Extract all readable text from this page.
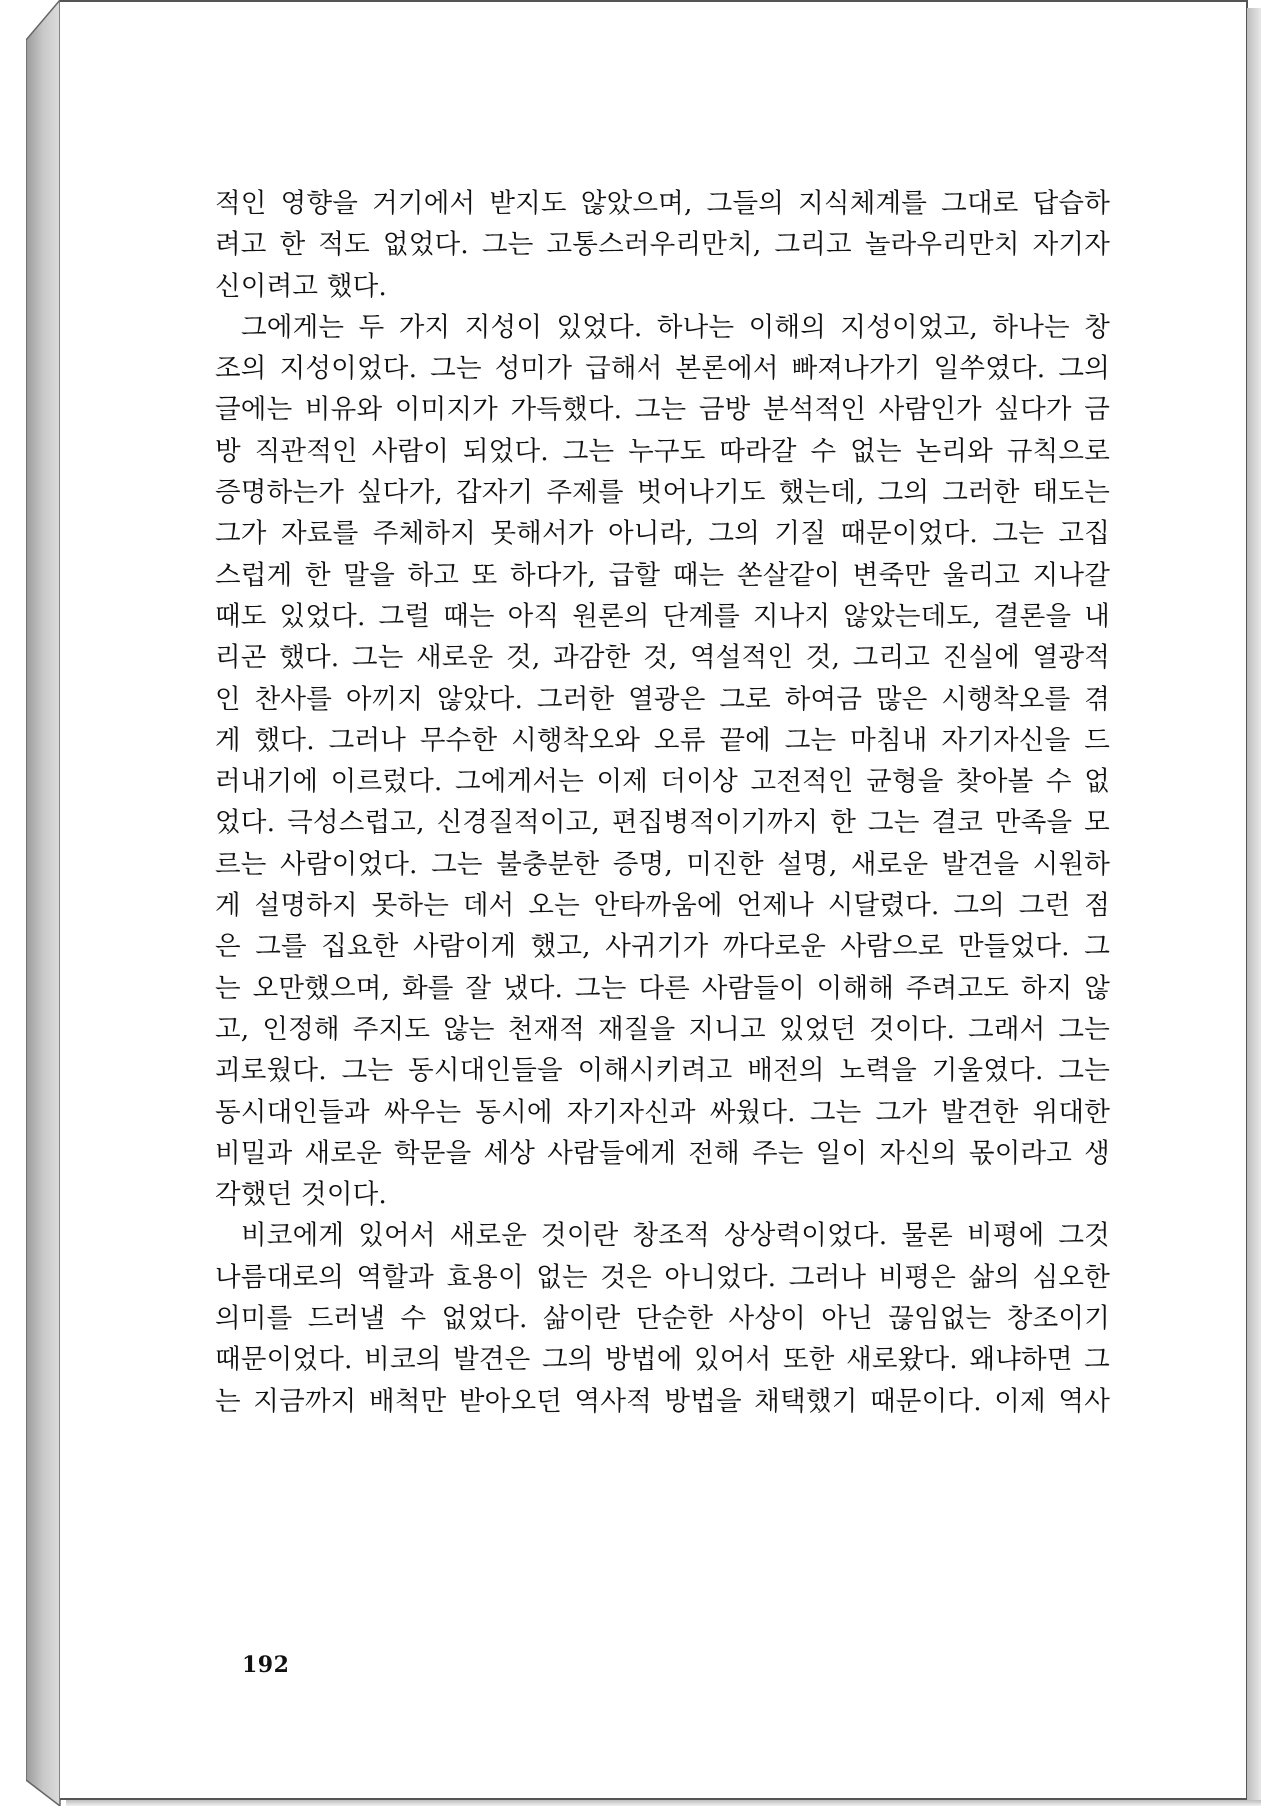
적인 영향을 거기에서 받지도 않았으며, 그들의 지식체계를 그대로 답습하
려고 한 적도 없었다. 그는 고통스러우리만치, 그리고 놀라우리만치 자기자
신이려고 했다.
그에게는 두 가지 지성이 있었다. 하나는 이해의 지성이었고, 하나는 창
조의 지성이었다. 그는 성미가 급해서 본론에서 빠져나가기 일쑤였다. 그의
글에는 비유와 이미지가 가득했다. 그는 금방 분석적인 사람인가 싶다가 금
방 직관적인 사람이 되었다. 그는 누구도 따라갈 수 없는 논리와 규칙으로
증명하는가 싶다가, 갑자기 주제를 벗어나기도 했는데, 그의 그러한 태도는
그가 자료를 주체하지 못해서가 아니라, 그의 기질 때문이었다. 그는 고집
스럽게 한 말을 하고 또 하다가, 급할 때는 쏜살같이 변죽만 울리고 지나갈
때도 있었다. 그럴 때는 아직 원론의 단계를 지나지 않았는데도, 결론을 내
리곤 했다. 그는 새로운 것, 과감한 것, 역설적인 것, 그리고 진실에 열광적
인 찬사를 아끼지 않았다. 그러한 열광은 그로 하여금 많은 시행착오를 겪
게 했다. 그러나 무수한 시행착오와 오류 끝에 그는 마침내 자기자신을 드
러내기에 이르렀다. 그에게서는 이제 더이상 고전적인 균형을 찾아볼 수 없
었다. 극성스럽고, 신경질적이고, 편집병적이기까지 한 그는 결코 만족을 모
르는 사람이었다. 그는 불충분한 증명, 미진한 설명, 새로운 발견을 시원하
게 설명하지 못하는 데서 오는 안타까움에 언제나 시달렸다. 그의 그런 점
은 그를 집요한 사람이게 했고, 사귀기가 까다로운 사람으로 만들었다. 그
는 오만했으며, 화를 잘 냈다. 그는 다른 사람들이 이해해 주려고도 하지 않
고, 인정해 주지도 않는 천재적 재질을 지니고 있었던 것이다. 그래서 그는
괴로웠다. 그는 동시대인들을 이해시키려고 배전의 노력을 기울였다. 그는
동시대인들과 싸우는 동시에 자기자신과 싸웠다. 그는 그가 발견한 위대한
비밀과 새로운 학문을 세상 사람들에게 전해 주는 일이 자신의 몫이라고 생
각했던 것이다.
비코에게 있어서 새로운 것이란 창조적 상상력이었다. 물론 비평에 그것
나름대로의 역할과 효용이 없는 것은 아니었다. 그러나 비평은 삶의 심오한
의미를 드러낼 수 없었다. 삶이란 단순한 사상이 아닌 끊임없는 창조이기
때문이었다. 비코의 발견은 그의 방법에 있어서 또한 새로왔다. 왜냐하면 그
는 지금까지 배척만 받아오던 역사적 방법을 채택했기 때문이다. 이제 역사
192
